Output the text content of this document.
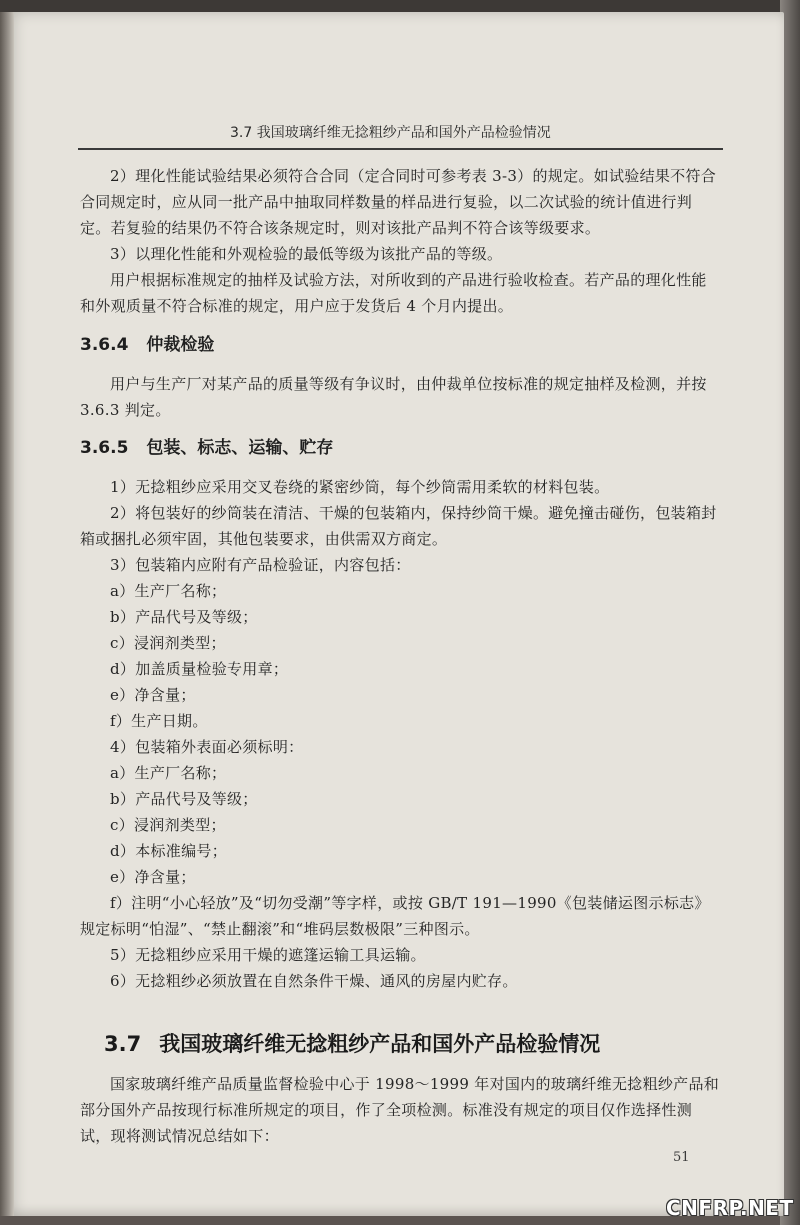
3.7 我国玻璃纤维无捻粗纱产品和国外产品检验情况

2）理化性能试验结果必须符合合同（定合同时可参考表 3-3）的规定。如试验结果不符合合同规定时，应从同一批产品中抽取同样数量的样品进行复验，以二次试验的统计值进行判定。若复验的结果仍不符合该条规定时，则对该批产品判不符合该等级要求。

3）以理化性能和外观检验的最低等级为该批产品的等级。

用户根据标准规定的抽样及试验方法，对所收到的产品进行验收检查。若产品的理化性能和外观质量不符合标准的规定，用户应于发货后 4 个月内提出。

3.6.4 仲裁检验

用户与生产厂对某产品的质量等级有争议时，由仲裁单位按标准的规定抽样及检测，并按 3.6.3 判定。

3.6.5 包装、标志、运输、贮存

1）无捻粗纱应采用交叉卷绕的紧密纱筒，每个纱筒需用柔软的材料包装。

2）将包装好的纱筒装在清洁、干燥的包装箱内，保持纱筒干燥。避免撞击碰伤，包装箱封箱或捆扎必须牢固，其他包装要求，由供需双方商定。

3）包装箱内应附有产品检验证，内容包括：

a）生产厂名称；

b）产品代号及等级；

c）浸润剂类型；

d）加盖质量检验专用章；

e）净含量；

f）生产日期。

4）包装箱外表面必须标明：

a）生产厂名称；

b）产品代号及等级；

c）浸润剂类型；

d）本标准编号；

e）净含量；

f）注明“小心轻放”及“切勿受潮”等字样，或按 GB/T 191—1990《包装储运图示标志》规定标明“怕湿”、“禁止翻滚”和“堆码层数极限”三种图示。

5）无捻粗纱应采用干燥的遮篷运输工具运输。

6）无捻粗纱必须放置在自然条件干燥、通风的房屋内贮存。

3.7 我国玻璃纤维无捻粗纱产品和国外产品检验情况

国家玻璃纤维产品质量监督检验中心于 1998～1999 年对国内的玻璃纤维无捻粗纱产品和部分国外产品按现行标准所规定的项目，作了全项检测。标准没有规定的项目仅作选择性测试，现将测试情况总结如下：

51
CNFRP.NET
